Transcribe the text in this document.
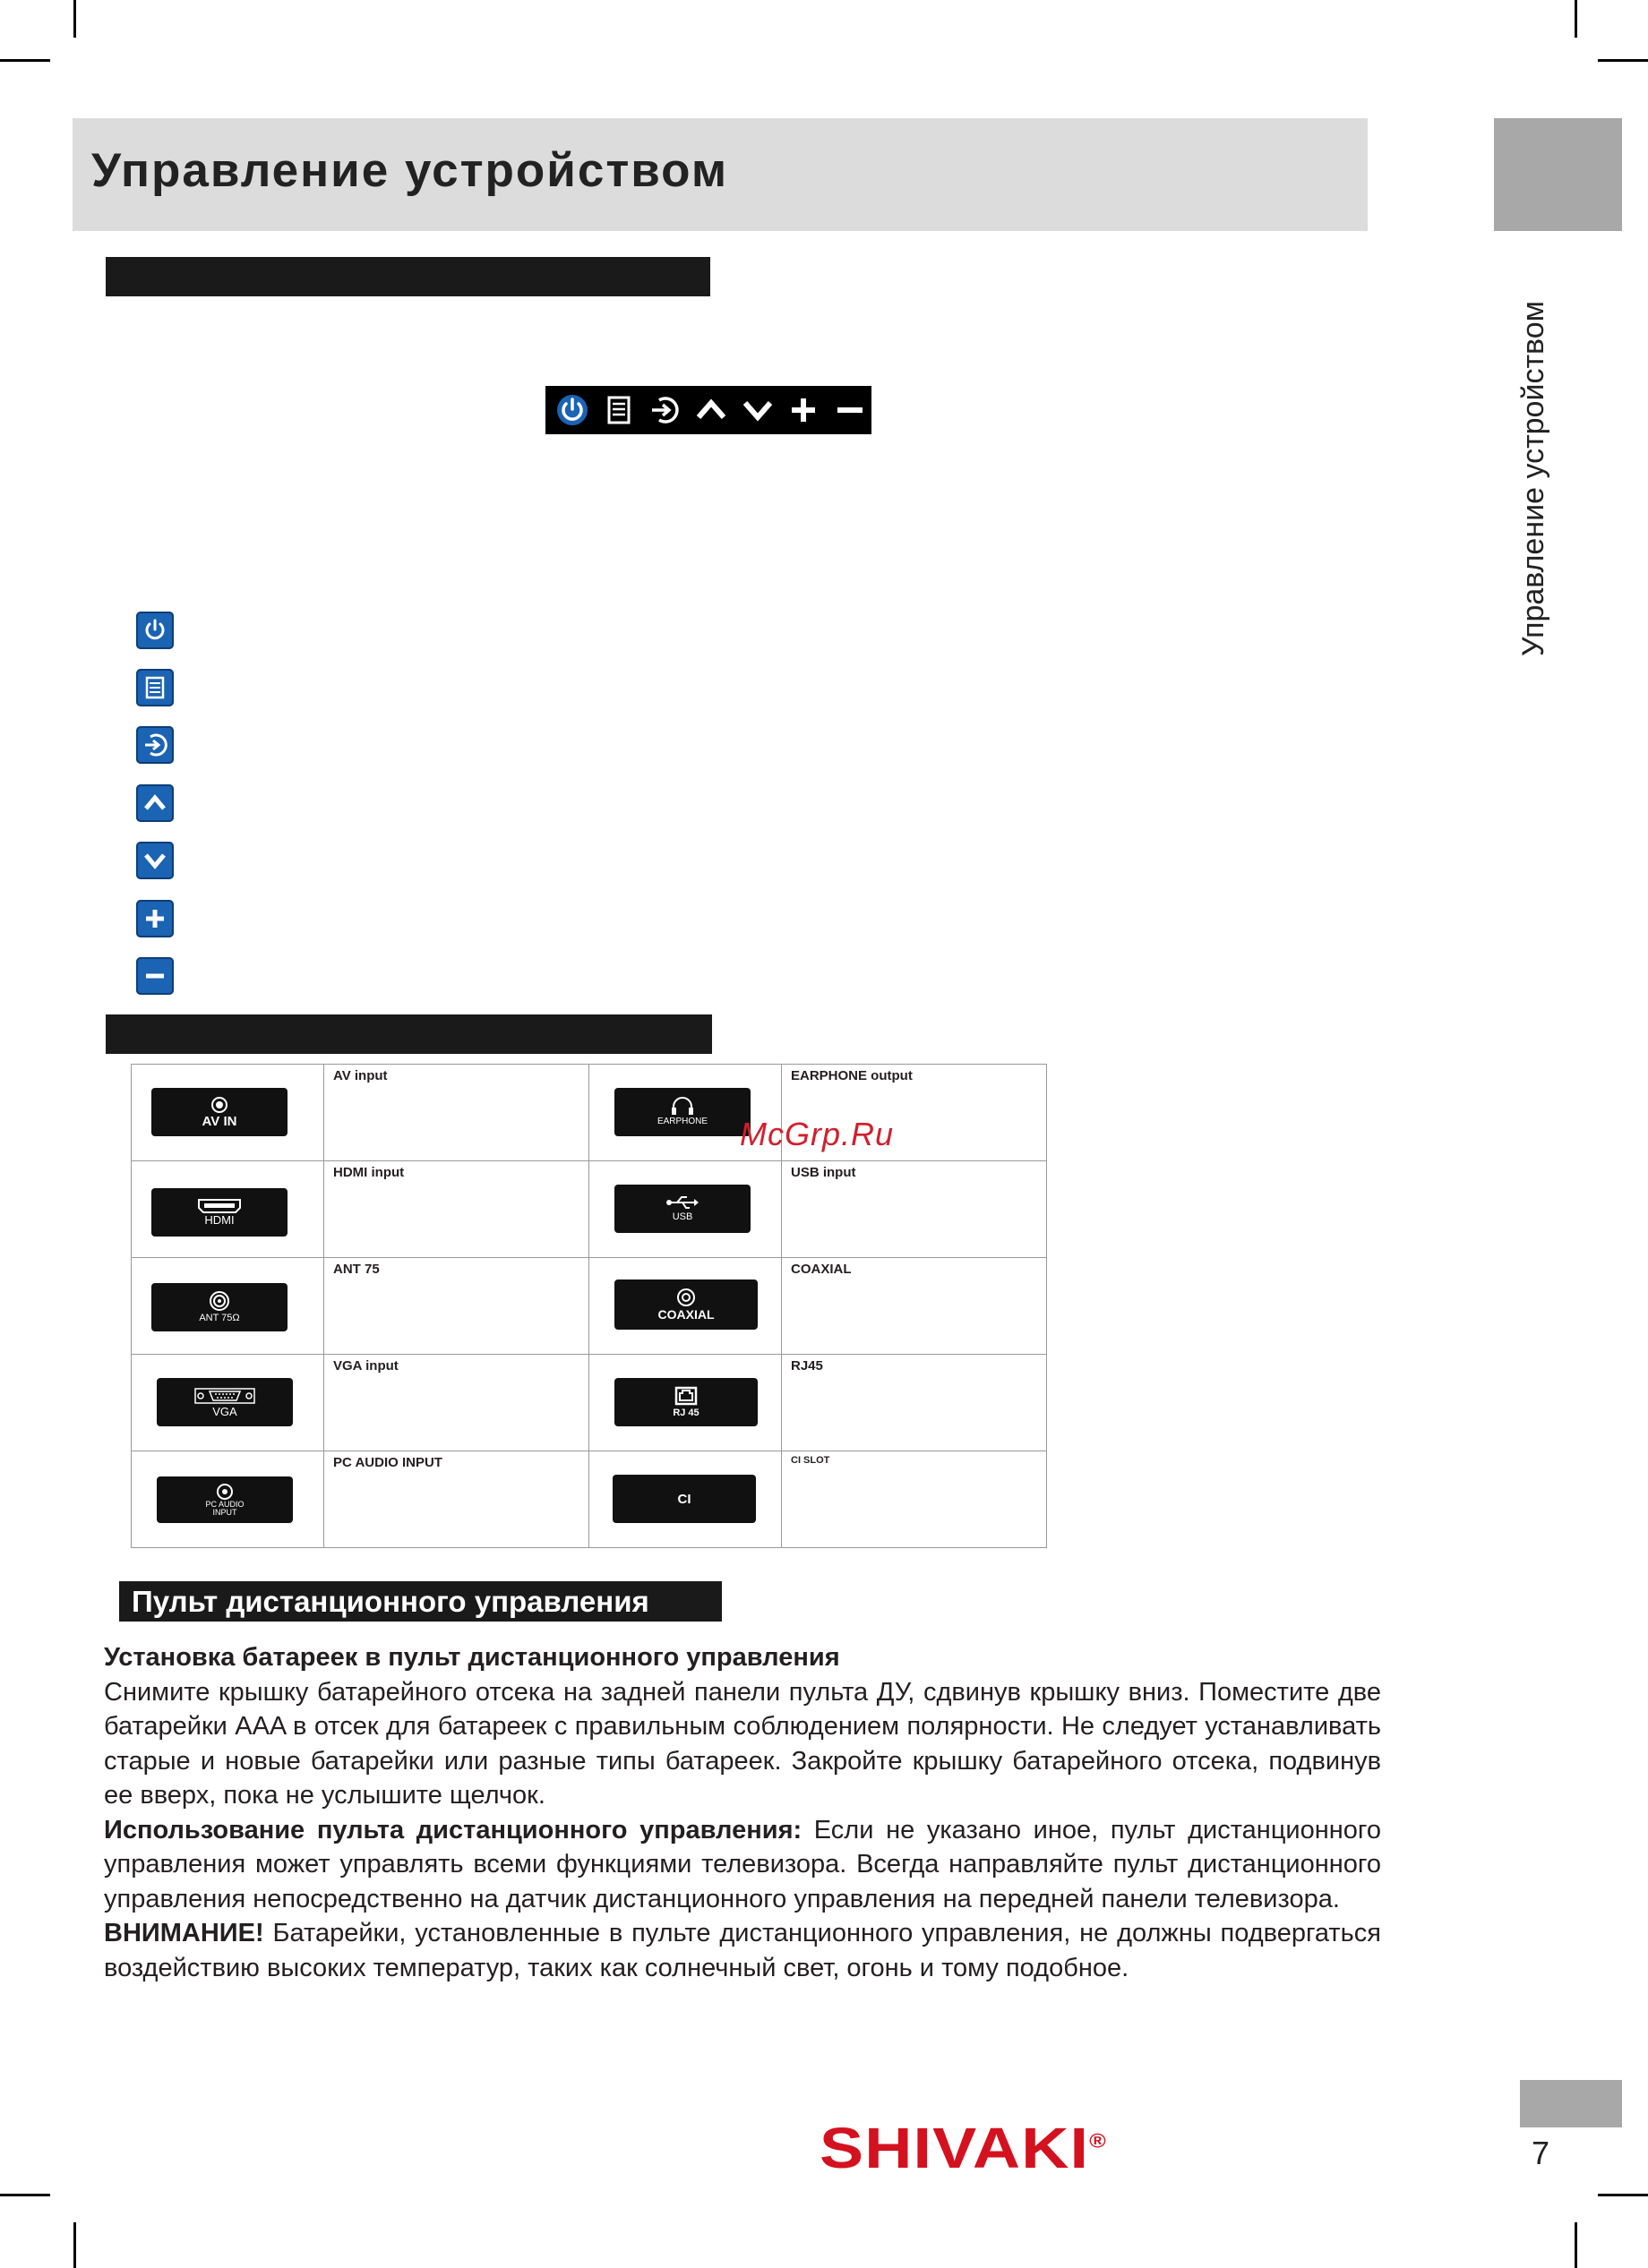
Управление устройством
Управление устройством
AV IN	AV input	EARPHONE	EARPHONE output

HDMI	HDMI input	USB	USB input

ANT 75Ω	ANT 75	COAXIAL	COAXIAL

VGA	VGA input	RJ 45	RJ45

PC AUDIO INPUT	PC AUDIO INPUT	CI	CI SLOT
McGrp.Ru
Пульт дистанционного управления

Установка батареек в пульт дистанционного управления

Снимите крышку батарейного отсека на задней панели пульта ДУ, сдвинув крышку вниз. Поместите две батарейки AAA в отсек для батареек с правильным соблюдением полярности. Не следует устанавливать старые и новые батарейки или разные типы батареек. Закройте крышку батарейного отсека, подвинув ее вверх, пока не услышите щелчок.

Использование пульта дистанционного управления: Если не указано иное, пульт дистанционного управления может управлять всеми функциями телевизора. Всегда направляйте пульт дистанционного управления непосредственно на датчик дистанционного управления на передней панели телевизора.

ВНИМАНИЕ! Батарейки, установленные в пульте дистанционного управления, не должны подвергаться воздействию высоких температур, таких как солнечный свет, огонь и тому подобное.

SHIVAKI®	7
